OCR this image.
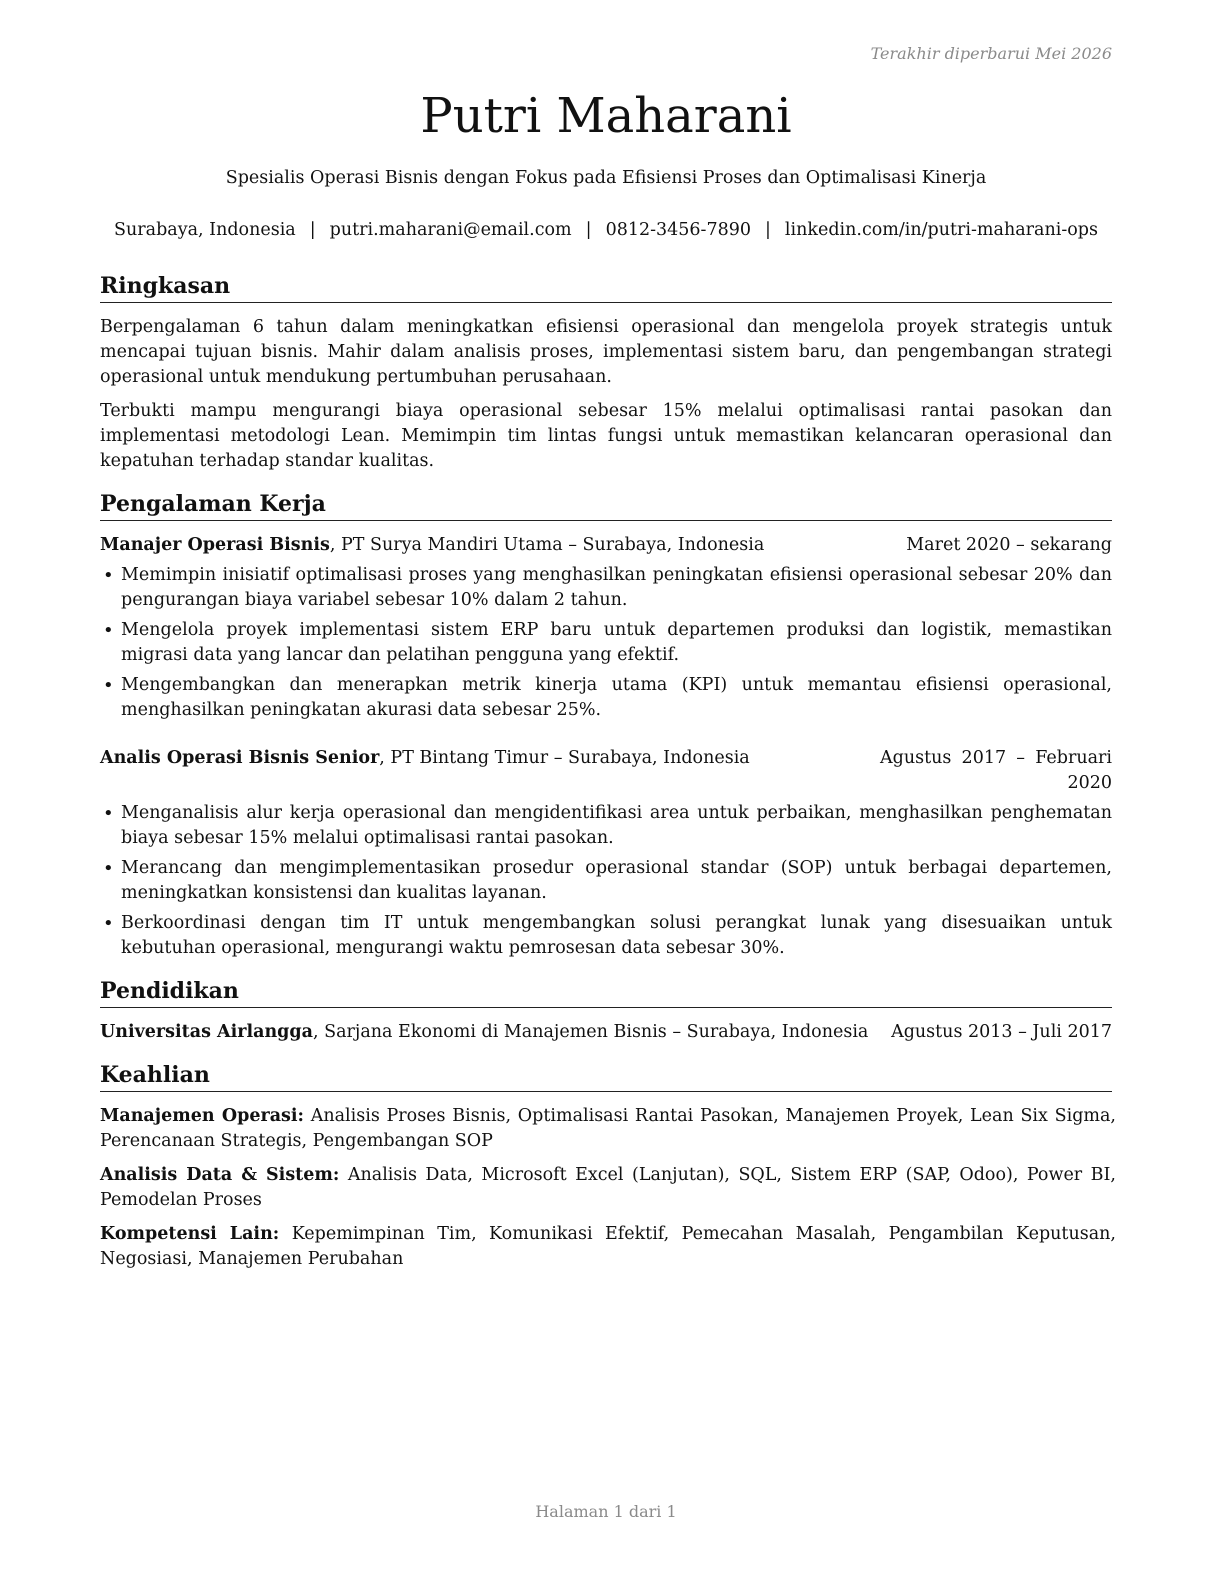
Terakhir diperbarui Mei 2026
Putri Maharani
Spesialis Operasi Bisnis dengan Fokus pada Efisiensi Proses dan Optimalisasi Kinerja
Surabaya, Indonesia | putri.maharani@email.com | 0812-3456-7890 | linkedin.com/in/putri-maharani-ops
Ringkasan
Berpengalaman 6 tahun dalam meningkatkan efisiensi operasional dan mengelola proyek strategis untuk mencapai tujuan bisnis. Mahir dalam analisis proses, implementasi sistem baru, dan pengembangan strategi operasional untuk mendukung pertumbuhan perusahaan.
Terbukti mampu mengurangi biaya operasional sebesar 15% melalui optimalisasi rantai pasokan dan implementasi metodologi Lean. Memimpin tim lintas fungsi untuk memastikan kelancaran operasional dan kepatuhan terhadap standar kualitas.
Pengalaman Kerja
Manajer Operasi Bisnis, PT Surya Mandiri Utama – Surabaya, Indonesia	Maret 2020 – sekarang
• Memimpin inisiatif optimalisasi proses yang menghasilkan peningkatan efisiensi operasional sebesar 20% dan pengurangan biaya variabel sebesar 10% dalam 2 tahun.
• Mengelola proyek implementasi sistem ERP baru untuk departemen produksi dan logistik, memastikan migrasi data yang lancar dan pelatihan pengguna yang efektif.
• Mengembangkan dan menerapkan metrik kinerja utama (KPI) untuk memantau efisiensi operasional, menghasilkan peningkatan akurasi data sebesar 25%.
Analis Operasi Bisnis Senior, PT Bintang Timur – Surabaya, Indonesia	Agustus 2017 – Februari 2020
• Menganalisis alur kerja operasional dan mengidentifikasi area untuk perbaikan, menghasilkan penghematan biaya sebesar 15% melalui optimalisasi rantai pasokan.
• Merancang dan mengimplementasikan prosedur operasional standar (SOP) untuk berbagai departemen, meningkatkan konsistensi dan kualitas layanan.
• Berkoordinasi dengan tim IT untuk mengembangkan solusi perangkat lunak yang disesuaikan untuk kebutuhan operasional, mengurangi waktu pemrosesan data sebesar 30%.
Pendidikan
Universitas Airlangga, Sarjana Ekonomi di Manajemen Bisnis – Surabaya, Indonesia Agustus 2013 – Juli 2017
Keahlian
Manajemen Operasi: Analisis Proses Bisnis, Optimalisasi Rantai Pasokan, Manajemen Proyek, Lean Six Sigma, Perencanaan Strategis, Pengembangan SOP
Analisis Data & Sistem: Analisis Data, Microsoft Excel (Lanjutan), SQL, Sistem ERP (SAP, Odoo), Power BI, Pemodelan Proses
Kompetensi Lain: Kepemimpinan Tim, Komunikasi Efektif, Pemecahan Masalah, Pengambilan Keputusan, Negosiasi, Manajemen Perubahan
Halaman 1 dari 1
